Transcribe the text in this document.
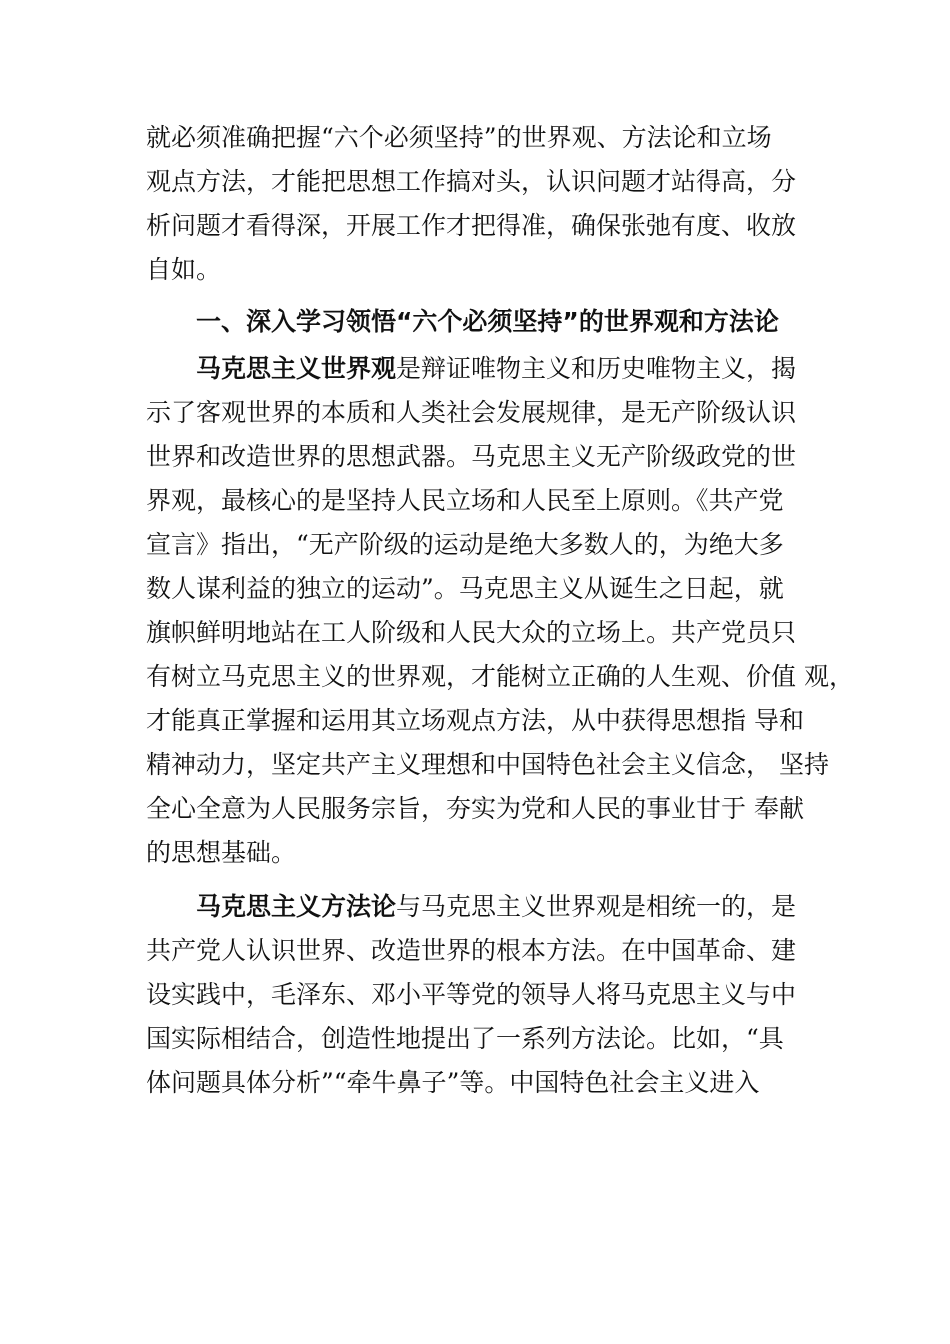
就必须准确把握“六个必须坚持”的世界观、方法论和立场
观点方法，才能把思想工作搞对头，认识问题才站得高，分
析问题才看得深，开展工作才把得准，确保张弛有度、收放
自如。
一、深入学习领悟“六个必须坚持”的世界观和方法论
马克思主义世界观是辩证唯物主义和历史唯物主义，揭
示了客观世界的本质和人类社会发展规律，是无产阶级认识
世界和改造世界的思想武器。马克思主义无产阶级政党的世
界观，最核心的是坚持人民立场和人民至上原则。《共产党
宣言》指出，“无产阶级的运动是绝大多数人的，为绝大多
数人谋利益的独立的运动”。马克思主义从诞生之日起，就
旗帜鲜明地站在工人阶级和人民大众的立场上。共产党员只
有树立马克思主义的世界观，才能树立正确的人生观、价值 观，
才能真正掌握和运用其立场观点方法，从中获得思想指 导和
精神动力，坚定共产主义理想和中国特色社会主义信念， 坚持
全心全意为人民服务宗旨，夯实为党和人民的事业甘于 奉献
的思想基础。
马克思主义方法论与马克思主义世界观是相统一的，是
共产党人认识世界、改造世界的根本方法。在中国革命、建
设实践中，毛泽东、邓小平等党的领导人将马克思主义与中
国实际相结合，创造性地提出了一系列方法论。比如，“具
体问题具体分析”“牵牛鼻子”等。中国特色社会主义进入
